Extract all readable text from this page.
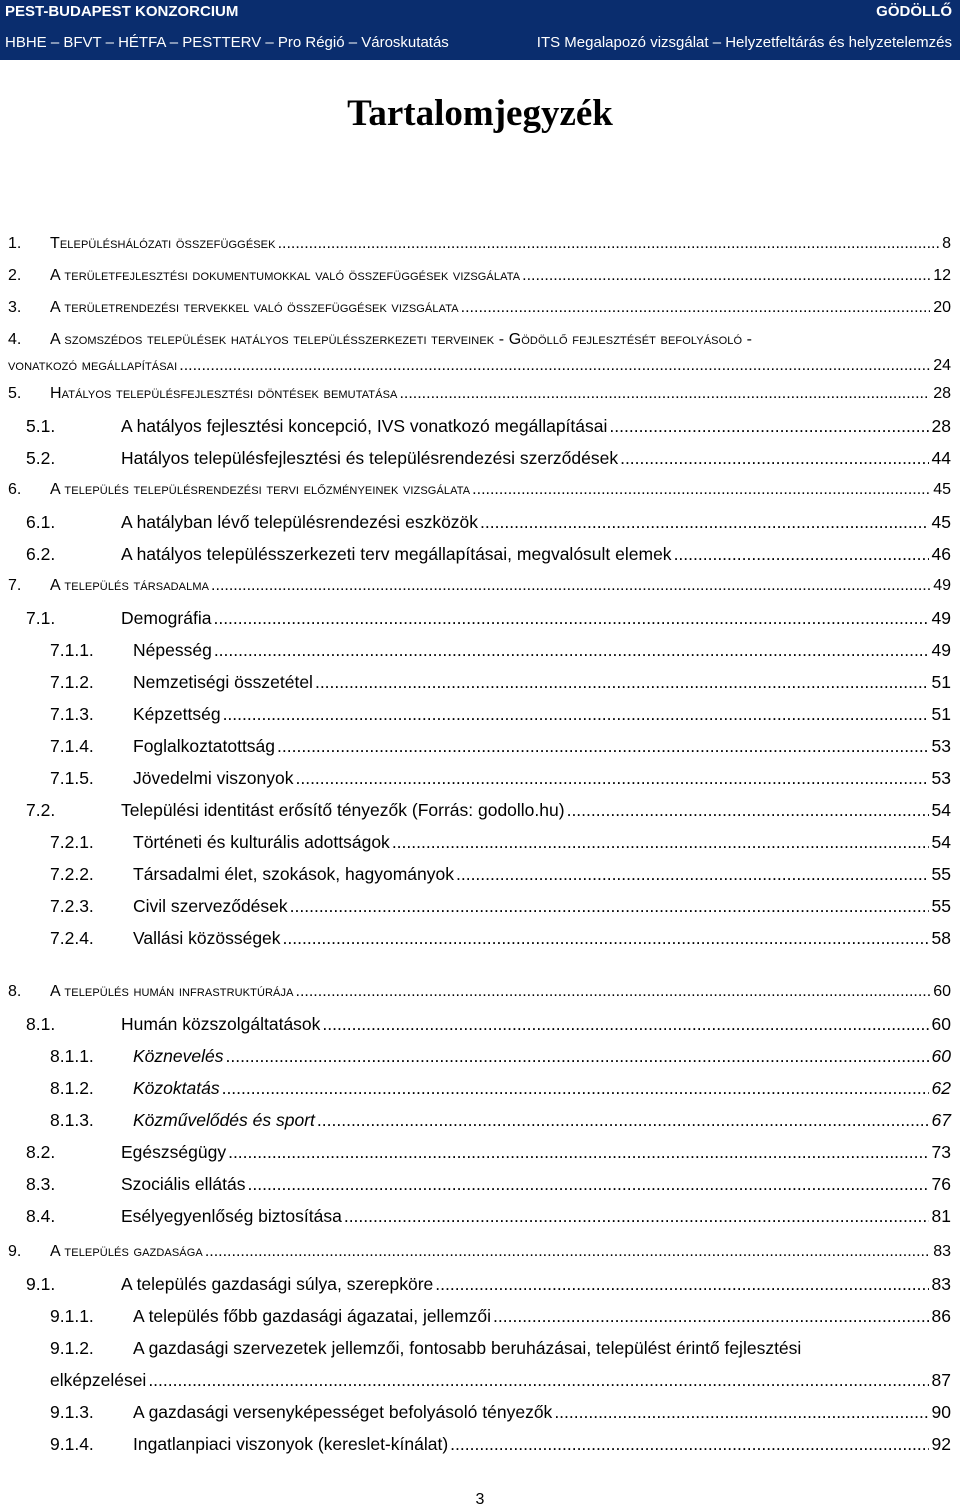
PEST-BUDAPEST KONZORCIUM	GÖDÖLLŐ
HBHE – BFVT – HÉTFA – PESTTERV – Pro Régió – Városkutatás	ITS Megalapozó vizsgálat – Helyzetfeltárás és helyzetelemzés
Tartalomjegyzék
1. Településhálózati összefüggések .....	8
2. A területfejlesztési dokumentumokkal való összefüggések vizsgálata .....	12
3. A területrendezési tervekkel való összefüggések vizsgálata .....	20
4. A szomszédos települések hatályos településszerkezeti terveinek - Gödöllő fejlesztését befolyásoló -
vonatkozó megállapításai .....	24
5. Hatályos településfejlesztési döntések bemutatása .....	28
5.1.	A hatályos fejlesztési koncepció, IVS vonatkozó megállapításai .....	28
5.2.	Hatályos településfejlesztési és településrendezési szerződések .....	44
6. A település településrendezési tervi előzményeinek vizsgálata .....	45
6.1.	A hatályban lévő településrendezési eszközök .....	45
6.2.	A hatályos településszerkezeti terv megállapításai, megvalósult elemek .....	46
7. A település társadalma .....	49
7.1.	Demográfia .....	49
7.1.1. Népesség .....	49
7.1.2. Nemzetiségi összetétel .....	51
7.1.3. Képzettség .....	51
7.1.4. Foglalkoztatottság .....	53
7.1.5. Jövedelmi viszonyok .....	53
7.2.	Települési identitást erősítő tényezők (Forrás: godollo.hu) .....	54
7.2.1. Történeti és kulturális adottságok .....	54
7.2.2. Társadalmi élet, szokások, hagyományok .....	55
7.2.3. Civil szerveződések .....	55
7.2.4. Vallási közösségek .....	58
8. A település humán infrastruktúrája .....	60
8.1.	Humán közszolgáltatások .....	60
8.1.1. Köznevelés .....	60
8.1.2. Közoktatás .....	62
8.1.3. Közművelődés és sport .....	67
8.2.	Egészségügy .....	73
8.3.	Szociális ellátás .....	76
8.4.	Esélyegyenlőség biztosítása .....	81
9. A település gazdasága .....	83
9.1.	A település gazdasági súlya, szerepköre .....	83
9.1.1. A település főbb gazdasági ágazatai, jellemzői .....	86
9.1.2. A gazdasági szervezetek jellemzői, fontosabb beruházásai, települést érintő fejlesztési
elképzelései .....	87
9.1.3. A gazdasági versenyképességet befolyásoló tényezők .....	90
9.1.4. Ingatlanpiaci viszonyok (kereslet-kínálat) .....	92
3
